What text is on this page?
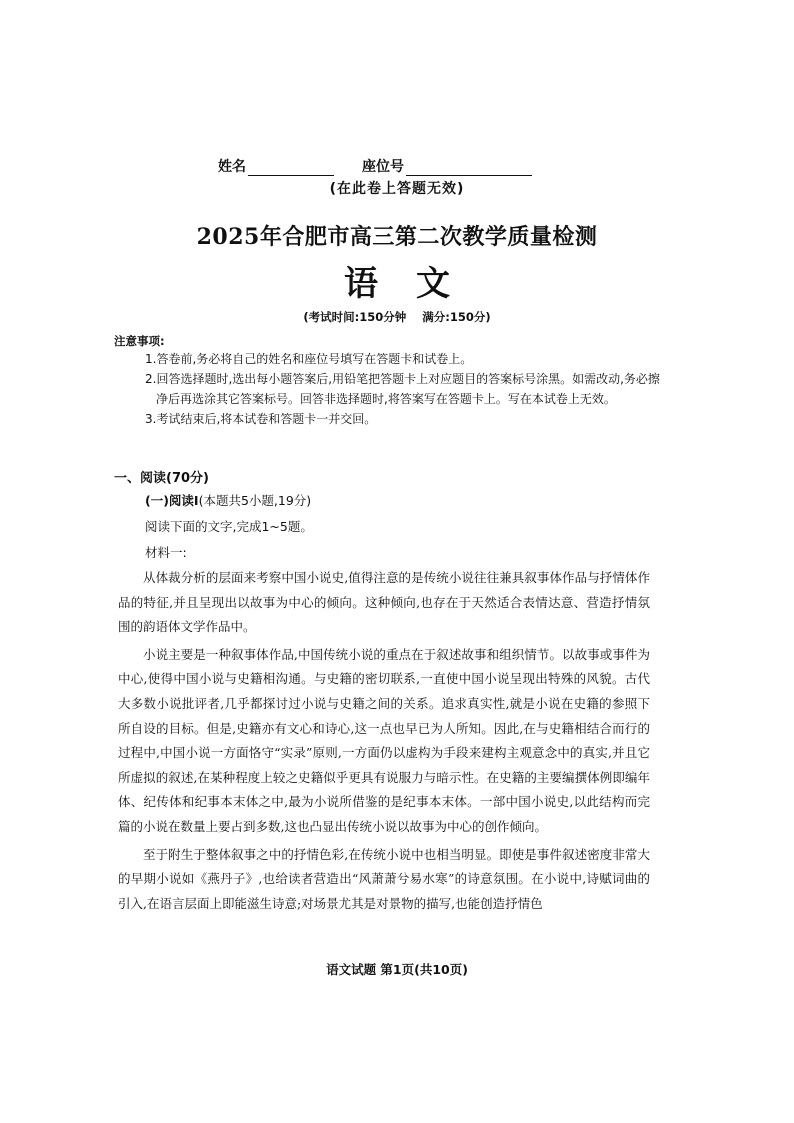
姓名	座位号
(在此卷上答题无效)
2025年合肥市高三第二次教学质量检测
语文
(考试时间:150分钟 满分:150分)
注意事项:
1.答卷前,务必将自己的姓名和座位号填写在答题卡和试卷上。
2.回答选择题时,选出每小题答案后,用铅笔把答题卡上对应题目的答案标号涂黑。如需改动,务必擦净后再选涂其它答案标号。回答非选择题时,将答案写在答题卡上。写在本试卷上无效。
3.考试结束后,将本试卷和答题卡一并交回。
一、阅读(70分)
(一)阅读Ⅰ(本题共5小题,19分)
阅读下面的文字,完成1~5题。
材料一:

从体裁分析的层面来考察中国小说史,值得注意的是传统小说往往兼具叙事体作品与抒情体作品的特征,并且呈现出以故事为中心的倾向。这种倾向,也存在于天然适合表情达意、营造抒情氛围的韵语体文学作品中。

小说主要是一种叙事体作品,中国传统小说的重点在于叙述故事和组织情节。以故事或事件为中心,使得中国小说与史籍相沟通。与史籍的密切联系,一直使中国小说呈现出特殊的风貌。古代大多数小说批评者,几乎都探讨过小说与史籍之间的关系。追求真实性,就是小说在史籍的参照下所自设的目标。但是,史籍亦有文心和诗心,这一点也早已为人所知。因此,在与史籍相结合而行的过程中,中国小说一方面恪守“实录”原则,一方面仍以虚构为手段来建构主观意念中的真实,并且它所虚拟的叙述,在某种程度上较之史籍似乎更具有说服力与暗示性。在史籍的主要编撰体例即编年体、纪传体和纪事本末体之中,最为小说所借鉴的是纪事本末体。一部中国小说史,以此结构而完篇的小说在数量上要占到多数,这也凸显出传统小说以故事为中心的创作倾向。

至于附生于整体叙事之中的抒情色彩,在传统小说中也相当明显。即使是事件叙述密度非常大的早期小说如《燕丹子》,也给读者营造出“风萧萧兮易水寒”的诗意氛围。在小说中,诗赋词曲的引入,在语言层面上即能滋生诗意;对场景尤其是对景物的描写,也能创造抒情色

语文试题 第1页(共10页)
